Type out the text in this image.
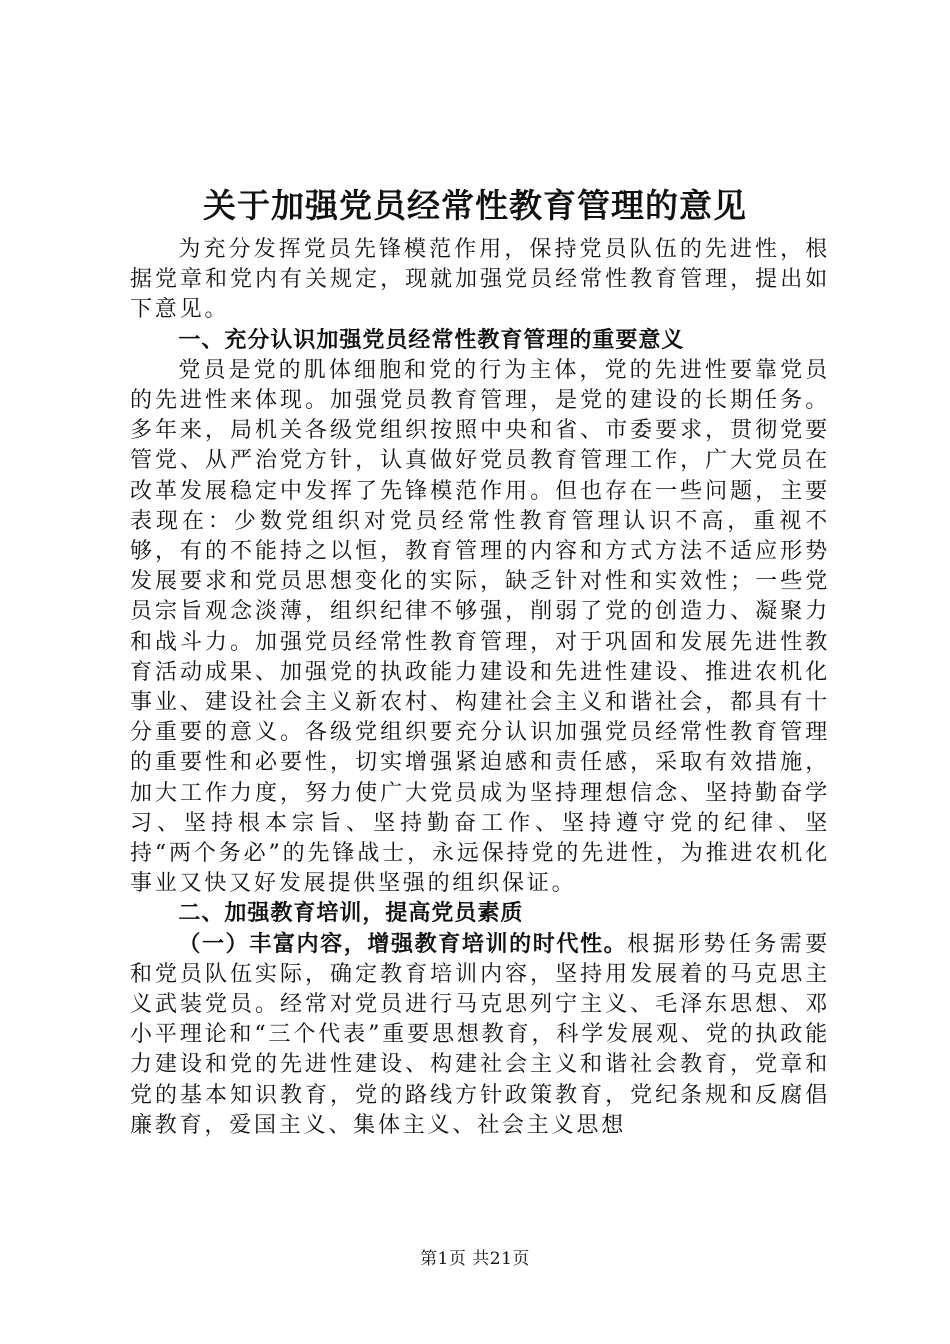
关于加强党员经常性教育管理的意见

为充分发挥党员先锋模范作用，保持党员队伍的先进性，根据党章和党内有关规定，现就加强党员经常性教育管理，提出如下意见。

一、充分认识加强党员经常性教育管理的重要意义

党员是党的肌体细胞和党的行为主体，党的先进性要靠党员的先进性来体现。加强党员教育管理，是党的建设的长期任务。多年来，局机关各级党组织按照中央和省、市委要求，贯彻党要管党、从严治党方针，认真做好党员教育管理工作，广大党员在改革发展稳定中发挥了先锋模范作用。但也存在一些问题，主要表现在：少数党组织对党员经常性教育管理认识不高，重视不够，有的不能持之以恒，教育管理的内容和方式方法不适应形势发展要求和党员思想变化的实际，缺乏针对性和实效性；一些党员宗旨观念淡薄，组织纪律不够强，削弱了党的创造力、凝聚力和战斗力。加强党员经常性教育管理，对于巩固和发展先进性教育活动成果、加强党的执政能力建设和先进性建设、推进农机化事业、建设社会主义新农村、构建社会主义和谐社会，都具有十分重要的意义。各级党组织要充分认识加强党员经常性教育管理的重要性和必要性，切实增强紧迫感和责任感，采取有效措施，加大工作力度，努力使广大党员成为坚持理想信念、坚持勤奋学习、坚持根本宗旨、坚持勤奋工作、坚持遵守党的纪律、坚持“两个务必”的先锋战士，永远保持党的先进性，为推进农机化事业又快又好发展提供坚强的组织保证。

二、加强教育培训，提高党员素质

（一）丰富内容，增强教育培训的时代性。根据形势任务需要和党员队伍实际，确定教育培训内容，坚持用发展着的马克思主义武装党员。经常对党员进行马克思列宁主义、毛泽东思想、邓小平理论和“三个代表”重要思想教育，科学发展观、党的执政能力建设和党的先进性建设、构建社会主义和谐社会教育，党章和党的基本知识教育，党的路线方针政策教育，党纪条规和反腐倡廉教育，爱国主义、集体主义、社会主义思想

第1页 共21页
